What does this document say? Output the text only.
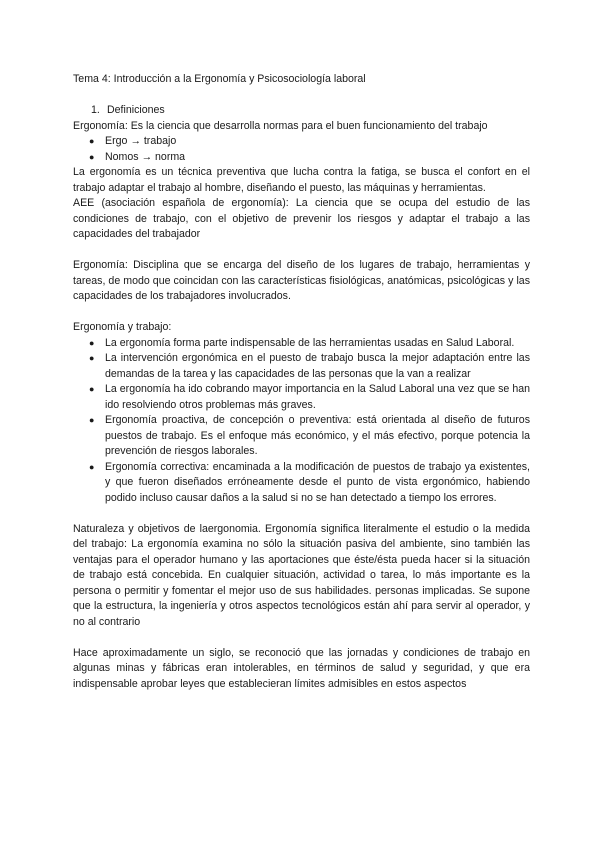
Tema 4: Introducción a la Ergonomía y Psicosociología laboral

1. Definiciones

Ergonomía: Es la ciencia que desarrolla normas para el buen funcionamiento del trabajo

● Ergo → trabajo
● Nomos → norma

La ergonomía es un técnica preventiva que lucha contra la fatiga, se busca el confort en el trabajo adaptar el trabajo al hombre, diseñando el puesto, las máquinas y herramientas.

AEE (asociación española de ergonomía): La ciencia que se ocupa del estudio de las condiciones de trabajo, con el objetivo de prevenir los riesgos y adaptar el trabajo a las capacidades del trabajador

Ergonomía: Disciplina que se encarga del diseño de los lugares de trabajo, herramientas y tareas, de modo que coincidan con las características fisiológicas, anatómicas, psicológicas y las capacidades de los trabajadores involucrados.

Ergonomía y trabajo:

● La ergonomía forma parte indispensable de las herramientas usadas en Salud Laboral.
● La intervención ergonómica en el puesto de trabajo busca la mejor adaptación entre las demandas de la tarea y las capacidades de las personas que la van a realizar
● La ergonomía ha ido cobrando mayor importancia en la Salud Laboral una vez que se han ido resolviendo otros problemas más graves.
● Ergonomía proactiva, de concepción o preventiva: está orientada al diseño de futuros puestos de trabajo. Es el enfoque más económico, y el más efectivo, porque potencia la prevención de riesgos laborales.
● Ergonomía correctiva: encaminada a la modificación de puestos de trabajo ya existentes, y que fueron diseñados erróneamente desde el punto de vista ergonómico, habiendo podido incluso causar daños a la salud si no se han detectado a tiempo los errores.

Naturaleza y objetivos de laergonomia. Ergonomía significa literalmente el estudio o la medida del trabajo: La ergonomía examina no sólo la situación pasiva del ambiente, sino también las ventajas para el operador humano y las aportaciones que éste/ésta pueda hacer si la situación de trabajo está concebida. En cualquier situación, actividad o tarea, lo más importante es la persona o permitir y fomentar el mejor uso de sus habilidades. personas implicadas. Se supone que la estructura, la ingeniería y otros aspectos tecnológicos están ahí para servir al operador, y no al contrario

Hace aproximadamente un siglo, se reconoció que las jornadas y condiciones de trabajo en algunas minas y fábricas eran intolerables, en términos de salud y seguridad, y que era indispensable aprobar leyes que establecieran límites admisibles en estos aspectos
